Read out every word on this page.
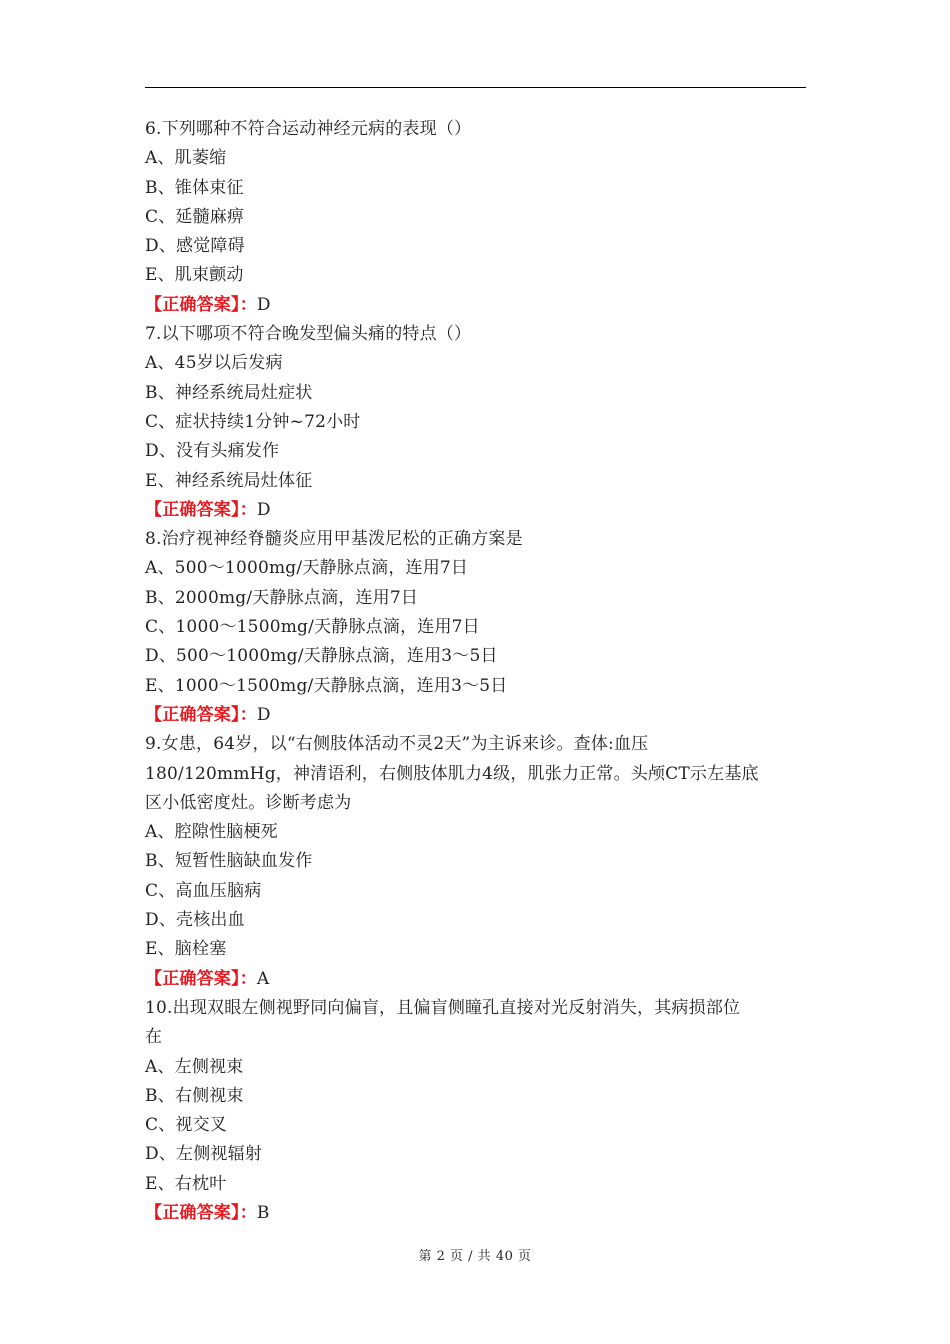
6.下列哪种不符合运动神经元病的表现（）
A、肌萎缩
B、锥体束征
C、延髓麻痹
D、感觉障碍
E、肌束颤动
【正确答案】：D
7.以下哪项不符合晚发型偏头痛的特点（）
A、45岁以后发病
B、神经系统局灶症状
C、症状持续1分钟~72小时
D、没有头痛发作
E、神经系统局灶体征
【正确答案】：D
8.治疗视神经脊髓炎应用甲基泼尼松的正确方案是
A、500～1000mg/天静脉点滴，连用7日
B、2000mg/天静脉点滴，连用7日
C、1000～1500mg/天静脉点滴，连用7日
D、500～1000mg/天静脉点滴，连用3～5日
E、1000～1500mg/天静脉点滴，连用3～5日
【正确答案】：D
9.女患，64岁，以“右侧肢体活动不灵2天”为主诉来诊。查体:血压
180/120mmHg，神清语利，右侧肢体肌力4级，肌张力正常。头颅CT示左基底
区小低密度灶。诊断考虑为
A、腔隙性脑梗死
B、短暂性脑缺血发作
C、高血压脑病
D、壳核出血
E、脑栓塞
【正确答案】：A
10.出现双眼左侧视野同向偏盲，且偏盲侧瞳孔直接对光反射消失，其病损部位
在
A、左侧视束
B、右侧视束
C、视交叉
D、左侧视辐射
E、右枕叶
【正确答案】：B
第 2 页 / 共 40 页
